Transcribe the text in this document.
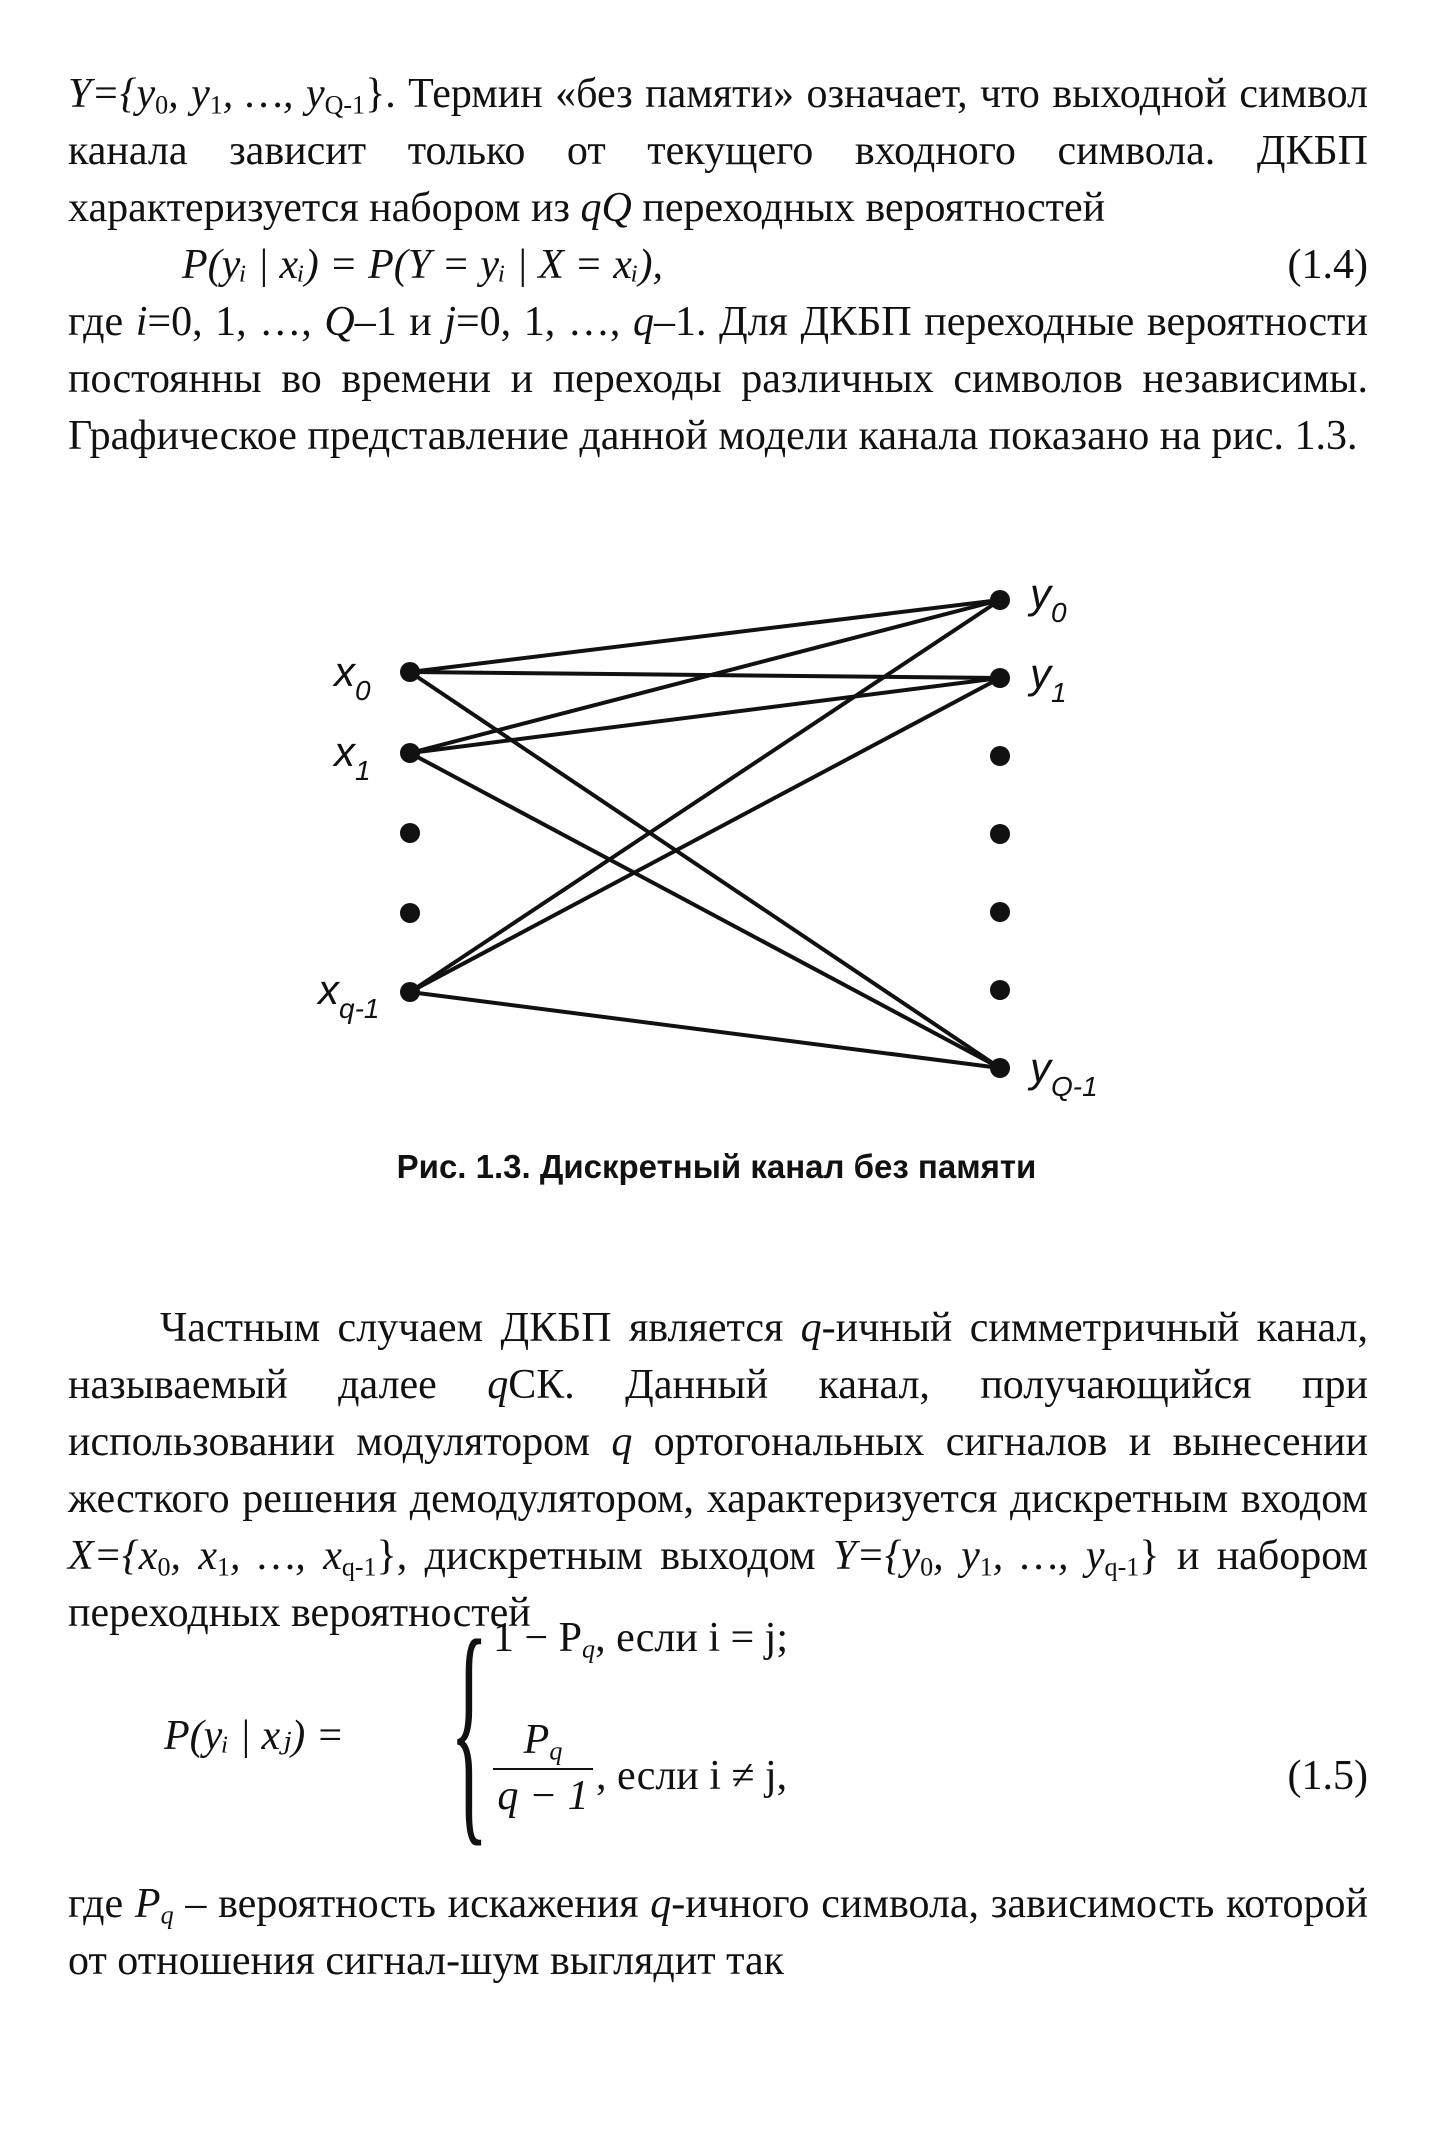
$Y=\{y_0$, $y_1$, …, $y_{Q-1}$}. Термин «без памяти» означает, что выходной символ канала зависит только от текущего входного символа. ДКБП характеризуется набором из qQ переходных вероятностей

P(yᵢ | xᵢ) = P(Y = yᵢ | X = xᵢ),	(1.4)

где i=0, 1, …, Q–1 и j=0, 1, …, q–1. Для ДКБП переходные вероятности постоянны во времени и переходы различных символов независимы. Графическое представление данной модели канала показано на рис. 1.3.

$x_0$
$x_1$
$x_{q-1}$
$y_0$
$y_1$
$y_{Q-1}$
Рис. 1.3. Дискретный канал без памяти

Частным случаем ДКБП является q-ичный симметричный канал, называемый далее qСК. Данный канал, получающийся при использовании модулятором q ортогональных сигналов и вынесении жесткого решения демодулятором, характеризуется дискретным входом $X=\{x_0$, $x_1$, …, $x_{q-1}$}, дискретным выходом $Y=\{y_0$, $y_1$, …, $y_{q-1}$} и набором переходных вероятностей

P(yᵢ | xⱼ) = { $1 - P_q$, если i = j;
$\frac{P_q}{q - 1}$ , если i ≠ j,	(1.5)

где $P_q$ – вероятность искажения q-ичного символа, зависимость которой от отношения сигнал-шум выглядит так
